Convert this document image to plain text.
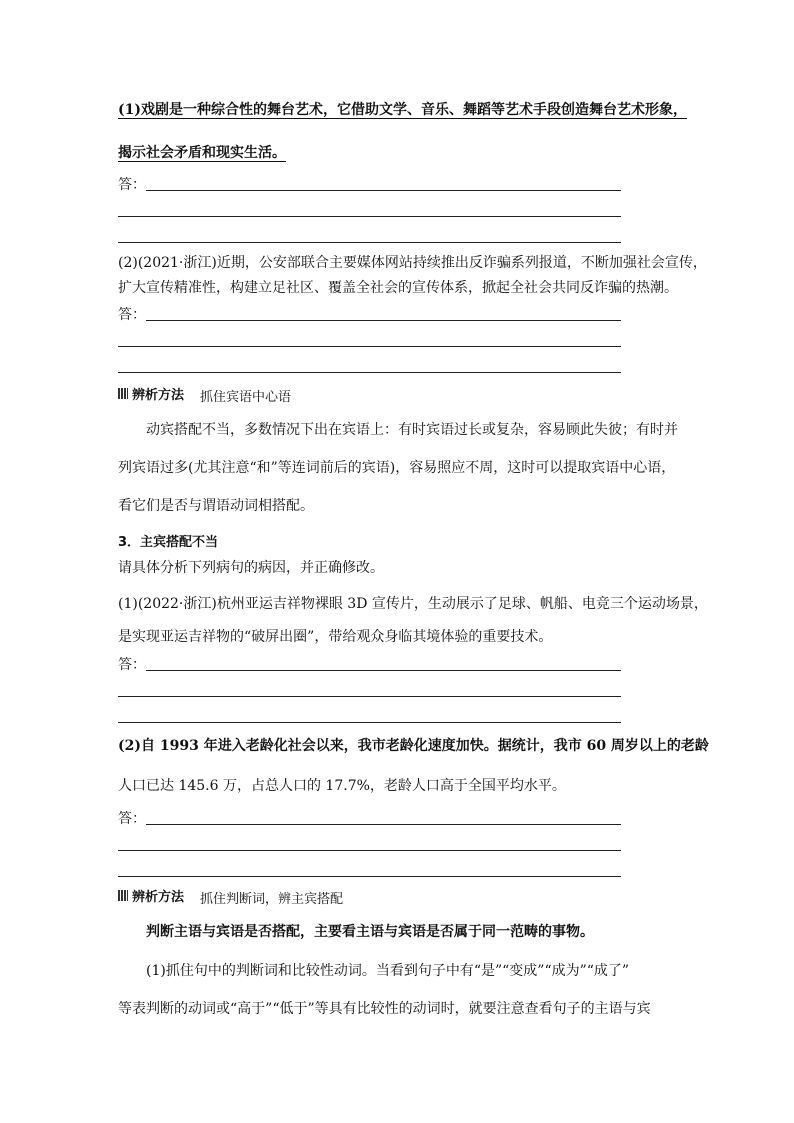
(1)戏剧是一种综合性的舞台艺术，它借助文学、音乐、舞蹈等艺术手段创造舞台艺术形象，
揭示社会矛盾和现实生活。
答：
(2)(2021·浙江)近期，公安部联合主要媒体网站持续推出反诈骗系列报道，不断加强社会宣传，
扩大宣传精准性，构建立足社区、覆盖全社会的宣传体系，掀起全社会共同反诈骗的热潮。
答：
辨析方法 抓住宾语中心语
动宾搭配不当，多数情况下出在宾语上：有时宾语过长或复杂，容易顾此失彼；有时并
列宾语过多(尤其注意“和”等连词前后的宾语)，容易照应不周，这时可以提取宾语中心语，
看它们是否与谓语动词相搭配。
3．主宾搭配不当
请具体分析下列病句的病因，并正确修改。
(1)(2022·浙江)杭州亚运吉祥物裸眼 3D 宣传片，生动展示了足球、帆船、电竞三个运动场景，
是实现亚运吉祥物的“破屏出圈”，带给观众身临其境体验的重要技术。
答：
(2)自 1993 年进入老龄化社会以来，我市老龄化速度加快。据统计，我市 60 周岁以上的老龄
人口已达 145.6 万，占总人口的 17.7%，老龄人口高于全国平均水平。
答：
辨析方法 抓住判断词，辨主宾搭配
判断主语与宾语是否搭配，主要看主语与宾语是否属于同一范畴的事物。
(1)抓住句中的判断词和比较性动词。当看到句子中有“是”“变成”“成为”“成了”
等表判断的动词或“高于”“低于”等具有比较性的动词时，就要注意查看句子的主语与宾
